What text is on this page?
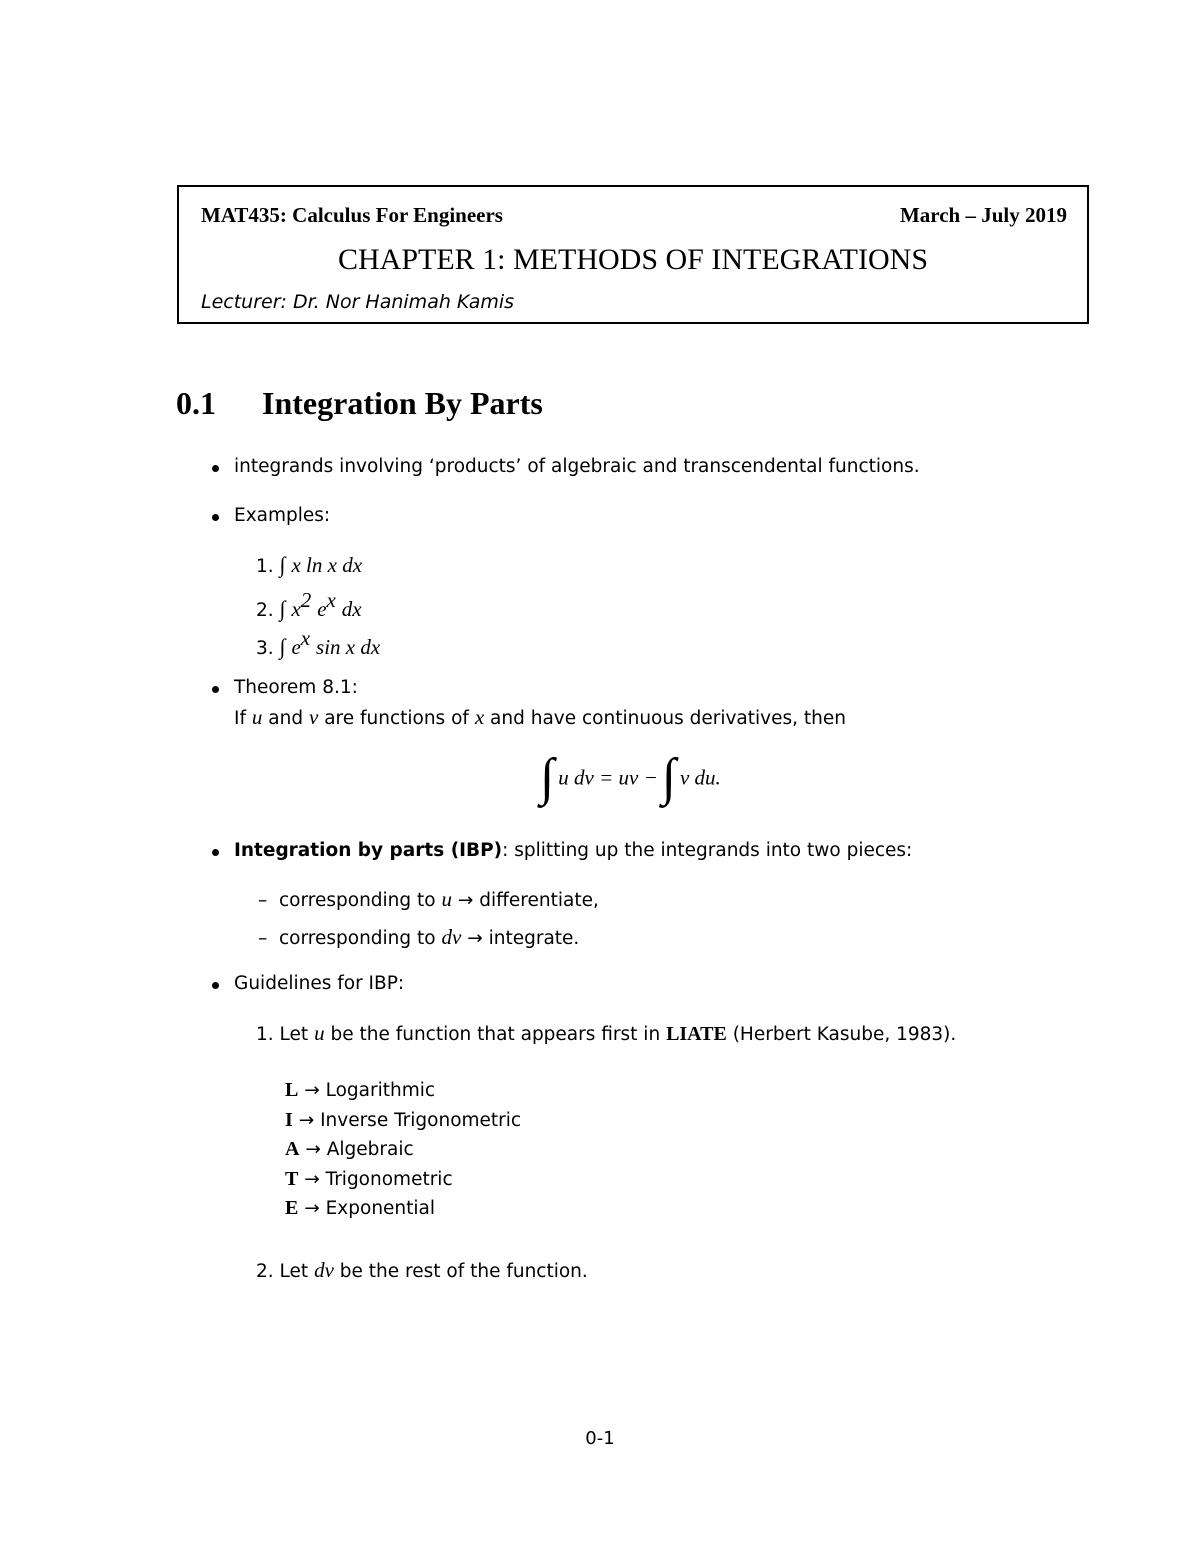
MAT435: Calculus For Engineers	March – July 2019
CHAPTER 1: METHODS OF INTEGRATIONS
Lecturer: Dr. Nor Hanimah Kamis
0.1 Integration By Parts
integrands involving ‘products’ of algebraic and transcendental functions.
Examples:
1. ∫ x ln x dx
2. ∫ $x^2$ $e^x$ dx
3. ∫ $e^x$ sin x dx
Theorem 8.1:
If u and v are functions of x and have continuous derivatives, then
∫ u dv = uv − ∫ v du.
Integration by parts (IBP): splitting up the integrands into two pieces:
– corresponding to u → differentiate,
– corresponding to dv → integrate.
Guidelines for IBP:
1. Let u be the function that appears first in LIATE (Herbert Kasube, 1983).
L → Logarithmic
I → Inverse Trigonometric
A → Algebraic
T → Trigonometric
E → Exponential
2. Let dv be the rest of the function.
0-1
